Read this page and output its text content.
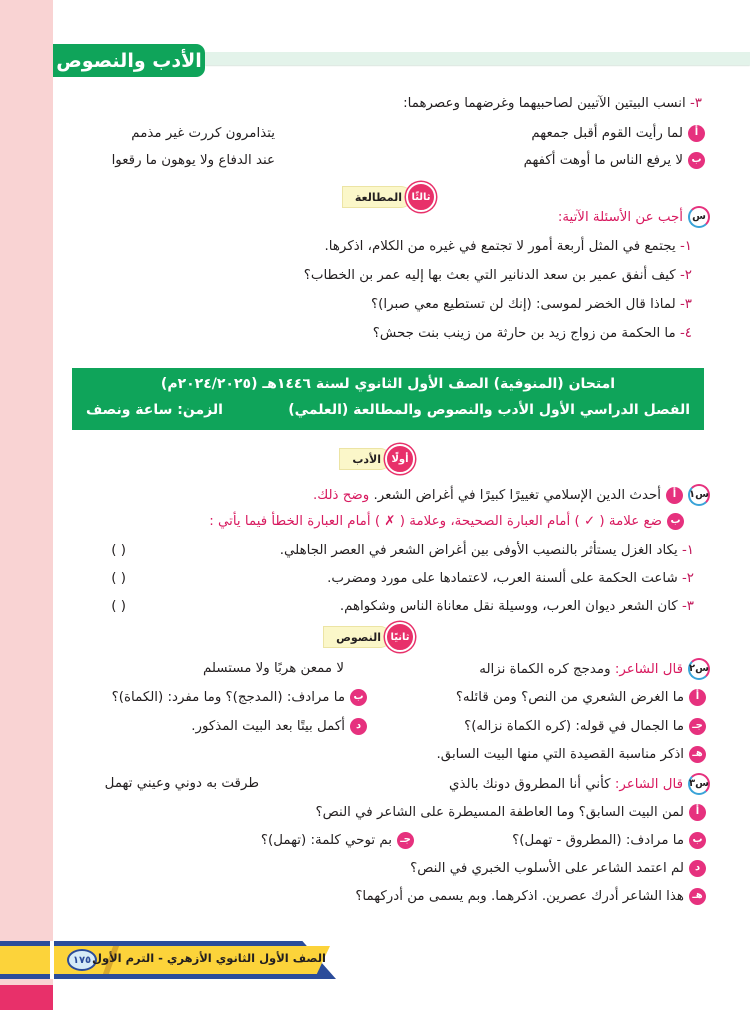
الأدب والنصوص
٣- انسب البيتين الآتيين لصاحبيهما وغرضهما وعصرهما:
ألما رأيت القوم أقبل جمعهم
يتذامرون كررت غير مذمم
بلا يرفع الناس ما أوهت أكفهم
عند الدفاع ولا يوهون ما رقعوا
ثالثًا
المطالعة
سأجب عن الأسئلة الآتية:
١- يجتمع في المثل أربعة أمور لا تجتمع في غيره من الكلام، اذكرها.
٢- كيف أنفق عمير بن سعد الدنانير التي بعث بها إليه عمر بن الخطاب؟
٣- لماذا قال الخضر لموسى: (إنك لن تستطيع معي صبرا)؟
٤- ما الحكمة من زواج زيد بن حارثة من زينب بنت جحش؟
امتحان (المنوفية) الصف الأول الثانوي لسنة ١٤٤٦هـ (٢٠٢٤/٢٠٢٥م)
الفصل الدراسي الأول الأدب والنصوص والمطالعة (العلمي)
الزمن: ساعة ونصف
أولًا
الأدب
س١أأحدث الدين الإسلامي تغييرًا كبيرًا في أغراض الشعر. وضح ذلك.
بضع علامة ( ✓ ) أمام العبارة الصحيحة، وعلامة ( ✗ ) أمام العبارة الخطأ فيما يأتي :
١- يكاد الغزل يستأثر بالنصيب الأوفى بين أغراض الشعر في العصر الجاهلي.
( )
٢- شاعت الحكمة على ألسنة العرب، لاعتمادها على مورد ومضرب.
( )
٣- كان الشعر ديوان العرب، ووسيلة نقل معاناة الناس وشكواهم.
( )
ثانيًا
النصوص
س٢قال الشاعر: ومدجج كره الكماة نزاله
لا ممعن هربًا ولا مستسلم
أما الغرض الشعري من النص؟ ومن قائله؟
بما مرادف: (المدجج)؟ وما مفرد: (الكماة)؟
جـما الجمال في قوله: (كره الكماة نزاله)؟
دأكمل بيتًا بعد البيت المذكور.
هـاذكر مناسبة القصيدة التي منها البيت السابق.
س٣قال الشاعر: كأني أنا المطروق دونك بالذي
طرقت به دوني وعيني تهمل
ألمن البيت السابق؟ وما العاطفة المسيطرة على الشاعر في النص؟
بما مرادف: (المطروق - تهمل)؟
جـبم توحي كلمة: (تهمل)؟
دلم اعتمد الشاعر على الأسلوب الخبري في النص؟
هـهذا الشاعر أدرك عصرين. اذكرهما. وبم يسمى من أدركهما؟
١٧٥ الصف الأول الثانوي الأزهري - الترم الأول
